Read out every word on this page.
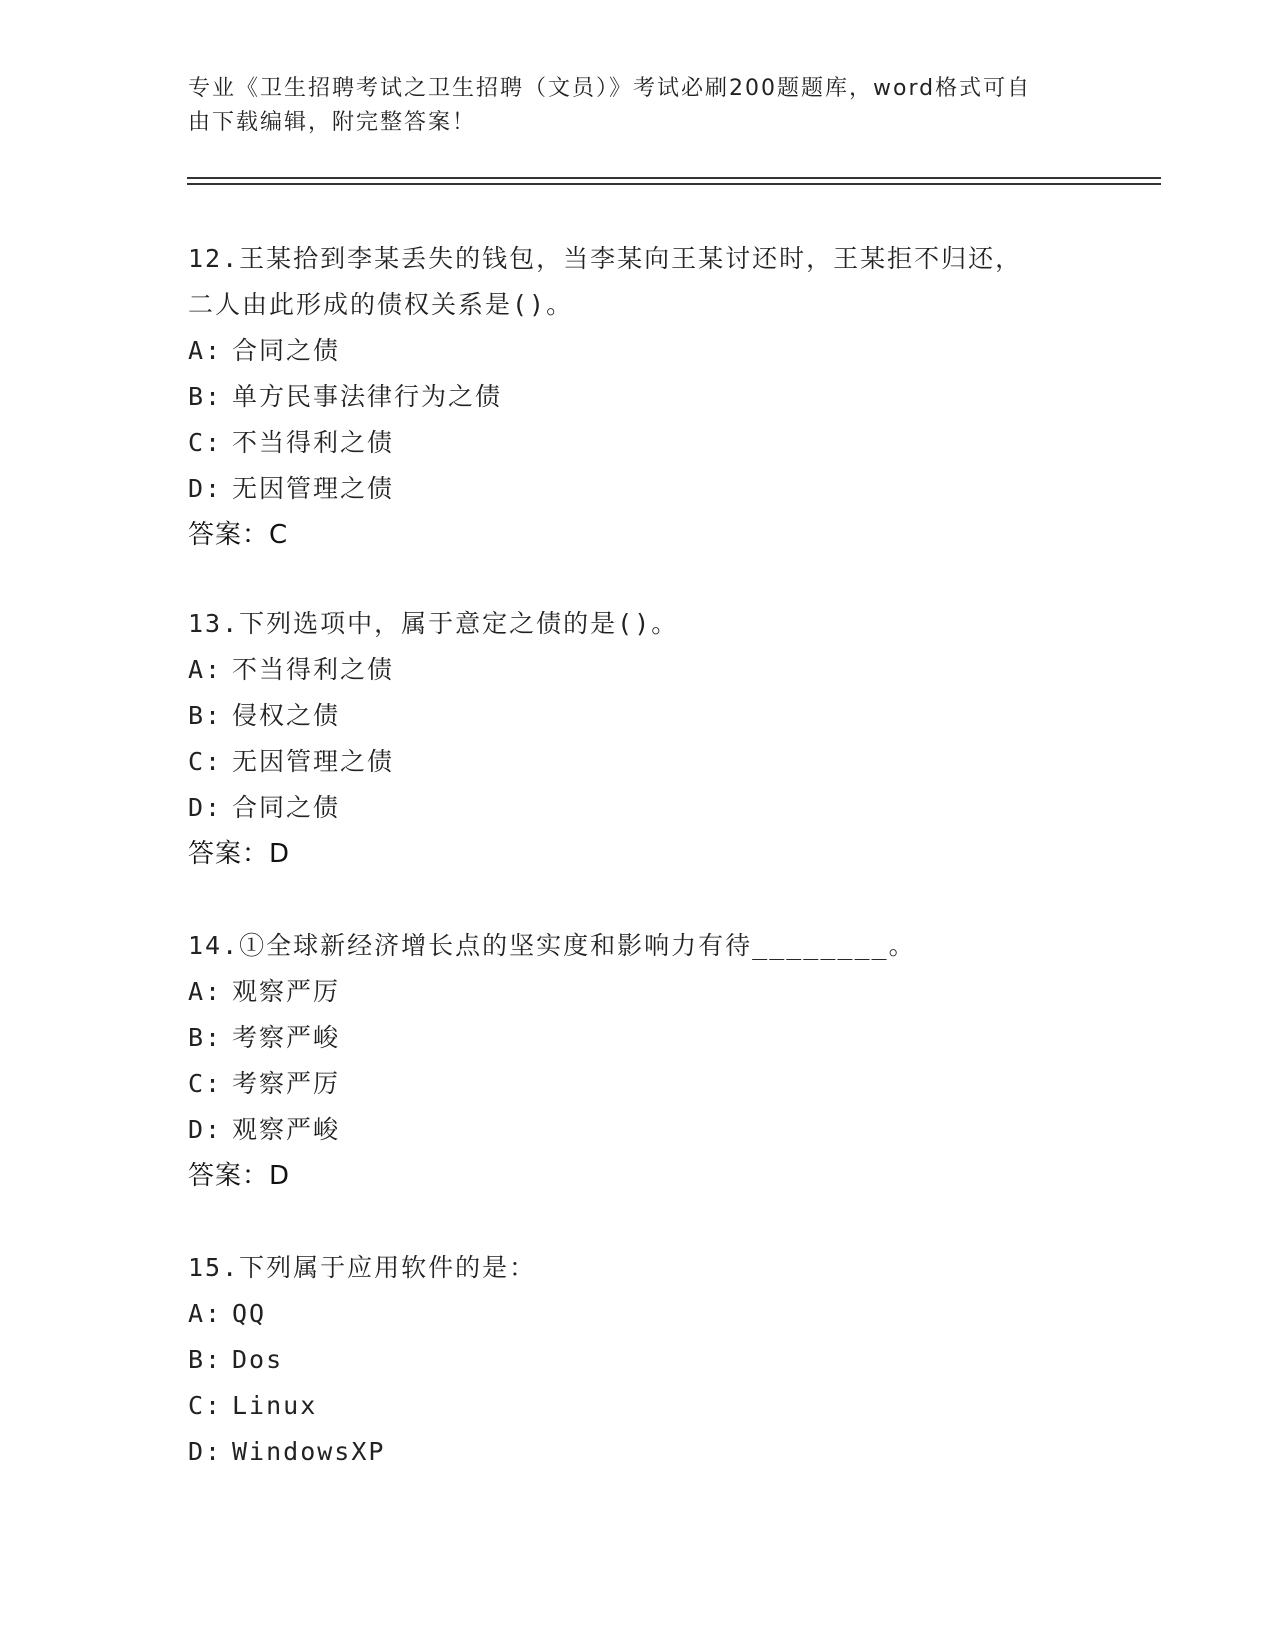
专业《卫生招聘考试之卫生招聘（文员）》考试必刷200题题库，word格式可自
由下载编辑，附完整答案！
12.王某拾到李某丢失的钱包，当李某向王某讨还时，王某拒不归还，
二人由此形成的债权关系是()。
A: 合同之债
B: 单方民事法律行为之债
C: 不当得利之债
D: 无因管理之债
答案：C
13.下列选项中，属于意定之债的是()。
A: 不当得利之债
B: 侵权之债
C: 无因管理之债
D: 合同之债
答案：D
14.①全球新经济增长点的坚实度和影响力有待________。
A: 观察严厉
B: 考察严峻
C: 考察严厉
D: 观察严峻
答案：D
15.下列属于应用软件的是：
A: QQ
B: Dos
C: Linux
D: WindowsXP
